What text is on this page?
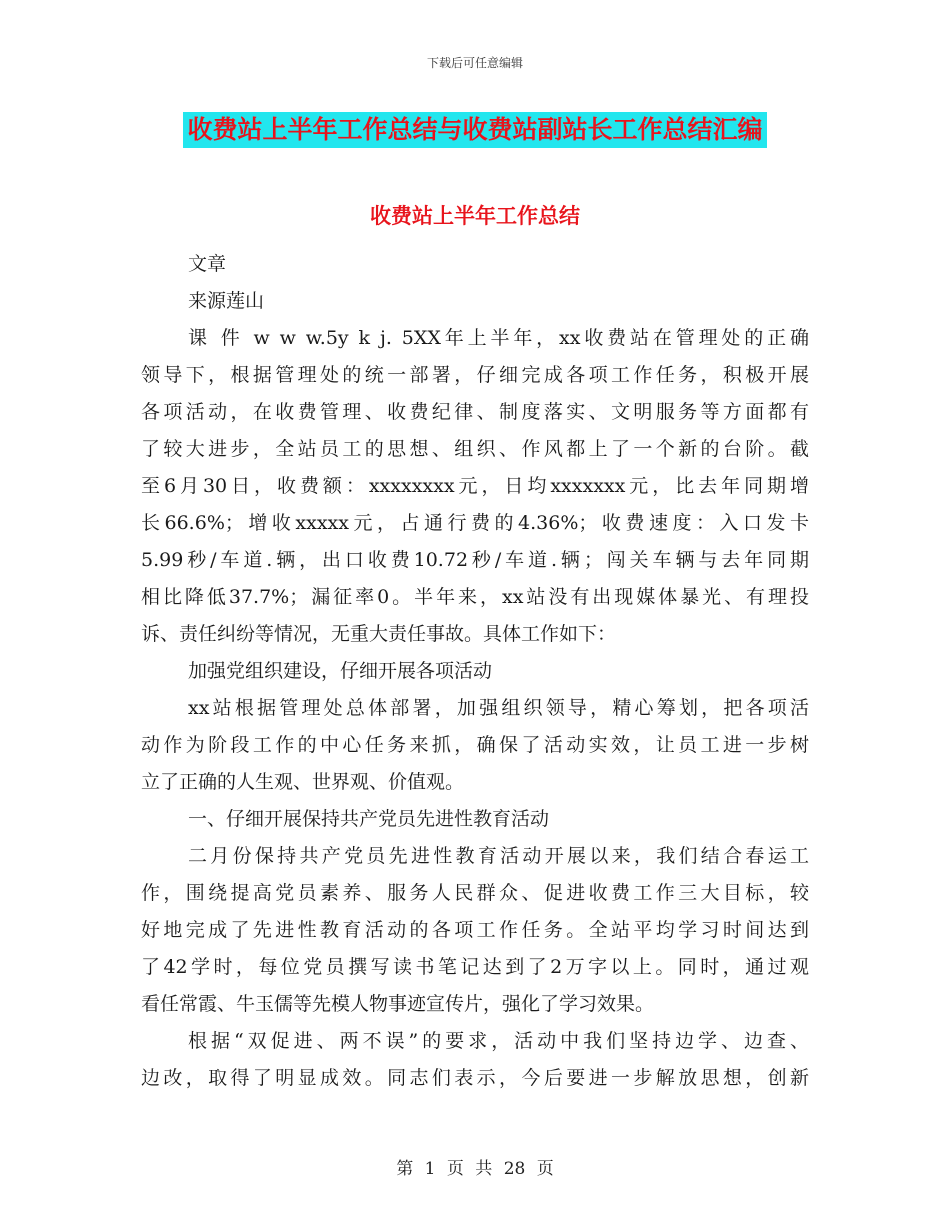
下载后可任意编辑
收费站上半年工作总结与收费站副站长工作总结汇编
收费站上半年工作总结
文章
来源莲山
课 件 w w w.5y k j. 5XX年上半年，xx收费站在管理处的正确
领导下，根据管理处的统一部署，仔细完成各项工作任务，积极开展
各项活动，在收费管理、收费纪律、制度落实、文明服务等方面都有
了较大进步，全站员工的思想、组织、作风都上了一个新的台阶。截
至6月30日，收费额：xxxxxxxx元，日均xxxxxxx元，比去年同期增
长66.6%；增收xxxxx元，占通行费的4.36%；收费速度：入口发卡
5.99秒/车道.辆，出口收费10.72秒/车道.辆；闯关车辆与去年同期
相比降低37.7%；漏征率0。半年来，xx站没有出现媒体暴光、有理投
诉、责任纠纷等情况，无重大责任事故。具体工作如下：
加强党组织建设，仔细开展各项活动
xx站根据管理处总体部署，加强组织领导，精心筹划，把各项活
动作为阶段工作的中心任务来抓，确保了活动实效，让员工进一步树
立了正确的人生观、世界观、价值观。
一、仔细开展保持共产党员先进性教育活动
二月份保持共产党员先进性教育活动开展以来，我们结合春运工
作，围绕提高党员素养、服务人民群众、促进收费工作三大目标，较
好地完成了先进性教育活动的各项工作任务。全站平均学习时间达到
了42学时，每位党员撰写读书笔记达到了2万字以上。同时，通过观
看任常霞、牛玉儒等先模人物事迹宣传片，强化了学习效果。
根据“双促进、两不误”的要求，活动中我们坚持边学、边查、
边改，取得了明显成效。同志们表示，今后要进一步解放思想，创新
第 1 页 共 28 页
